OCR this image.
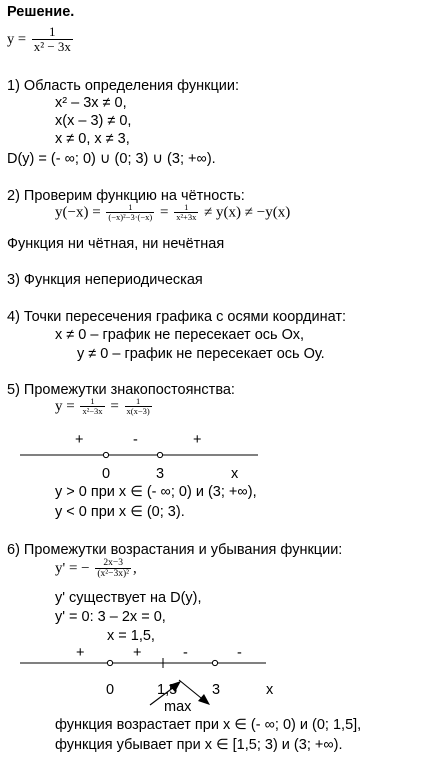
Решение.
$y = \frac{1}{\text{x² − 3x}}$
1) Область определения функции:
x² – 3x ≠ 0,
x(x – 3) ≠ 0,
x ≠ 0, x ≠ 3,
D(y) = (- ∞; 0) ∪ (0; 3) ∪ (3; +∞).
2) Проверим функцию на чётность:
$y(-x) = \frac{1}{\text{(−x)²−3·(−x)}} = \frac{1}{\text{x²+3x}} \ne y(x) \ne -y(x)$
Функция ни чётная, ни нечётная
3) Функция непериодическая
4) Точки пересечения графика с осями координат:
x ≠ 0 – график не пересекает ось Ох,
y ≠ 0 – график не пересекает ось Оу.
5) Промежутки знакопостоянства:
$y = \frac{1}{\text{x²−3x}} = \frac{1}{x(x-3)}$
+	-	+
0	3	x
y > 0 при x ∈ (- ∞; 0) и (3; +∞),
y < 0 при x ∈ (0; 3).
6) Промежутки возрастания и убывания функции:
y' = − $\frac{2x-3}{\text{(x²−3x)²}}$ ,
y' существует на D(y),
y' = 0: 3 – 2x = 0,
x = 1,5,
+	+	-	-
0	1,5 3	x
max
функция возрастает при x ∈ (- ∞; 0) и (0; 1,5],
функция убывает при x ∈ [1,5; 3) и (3; +∞).
